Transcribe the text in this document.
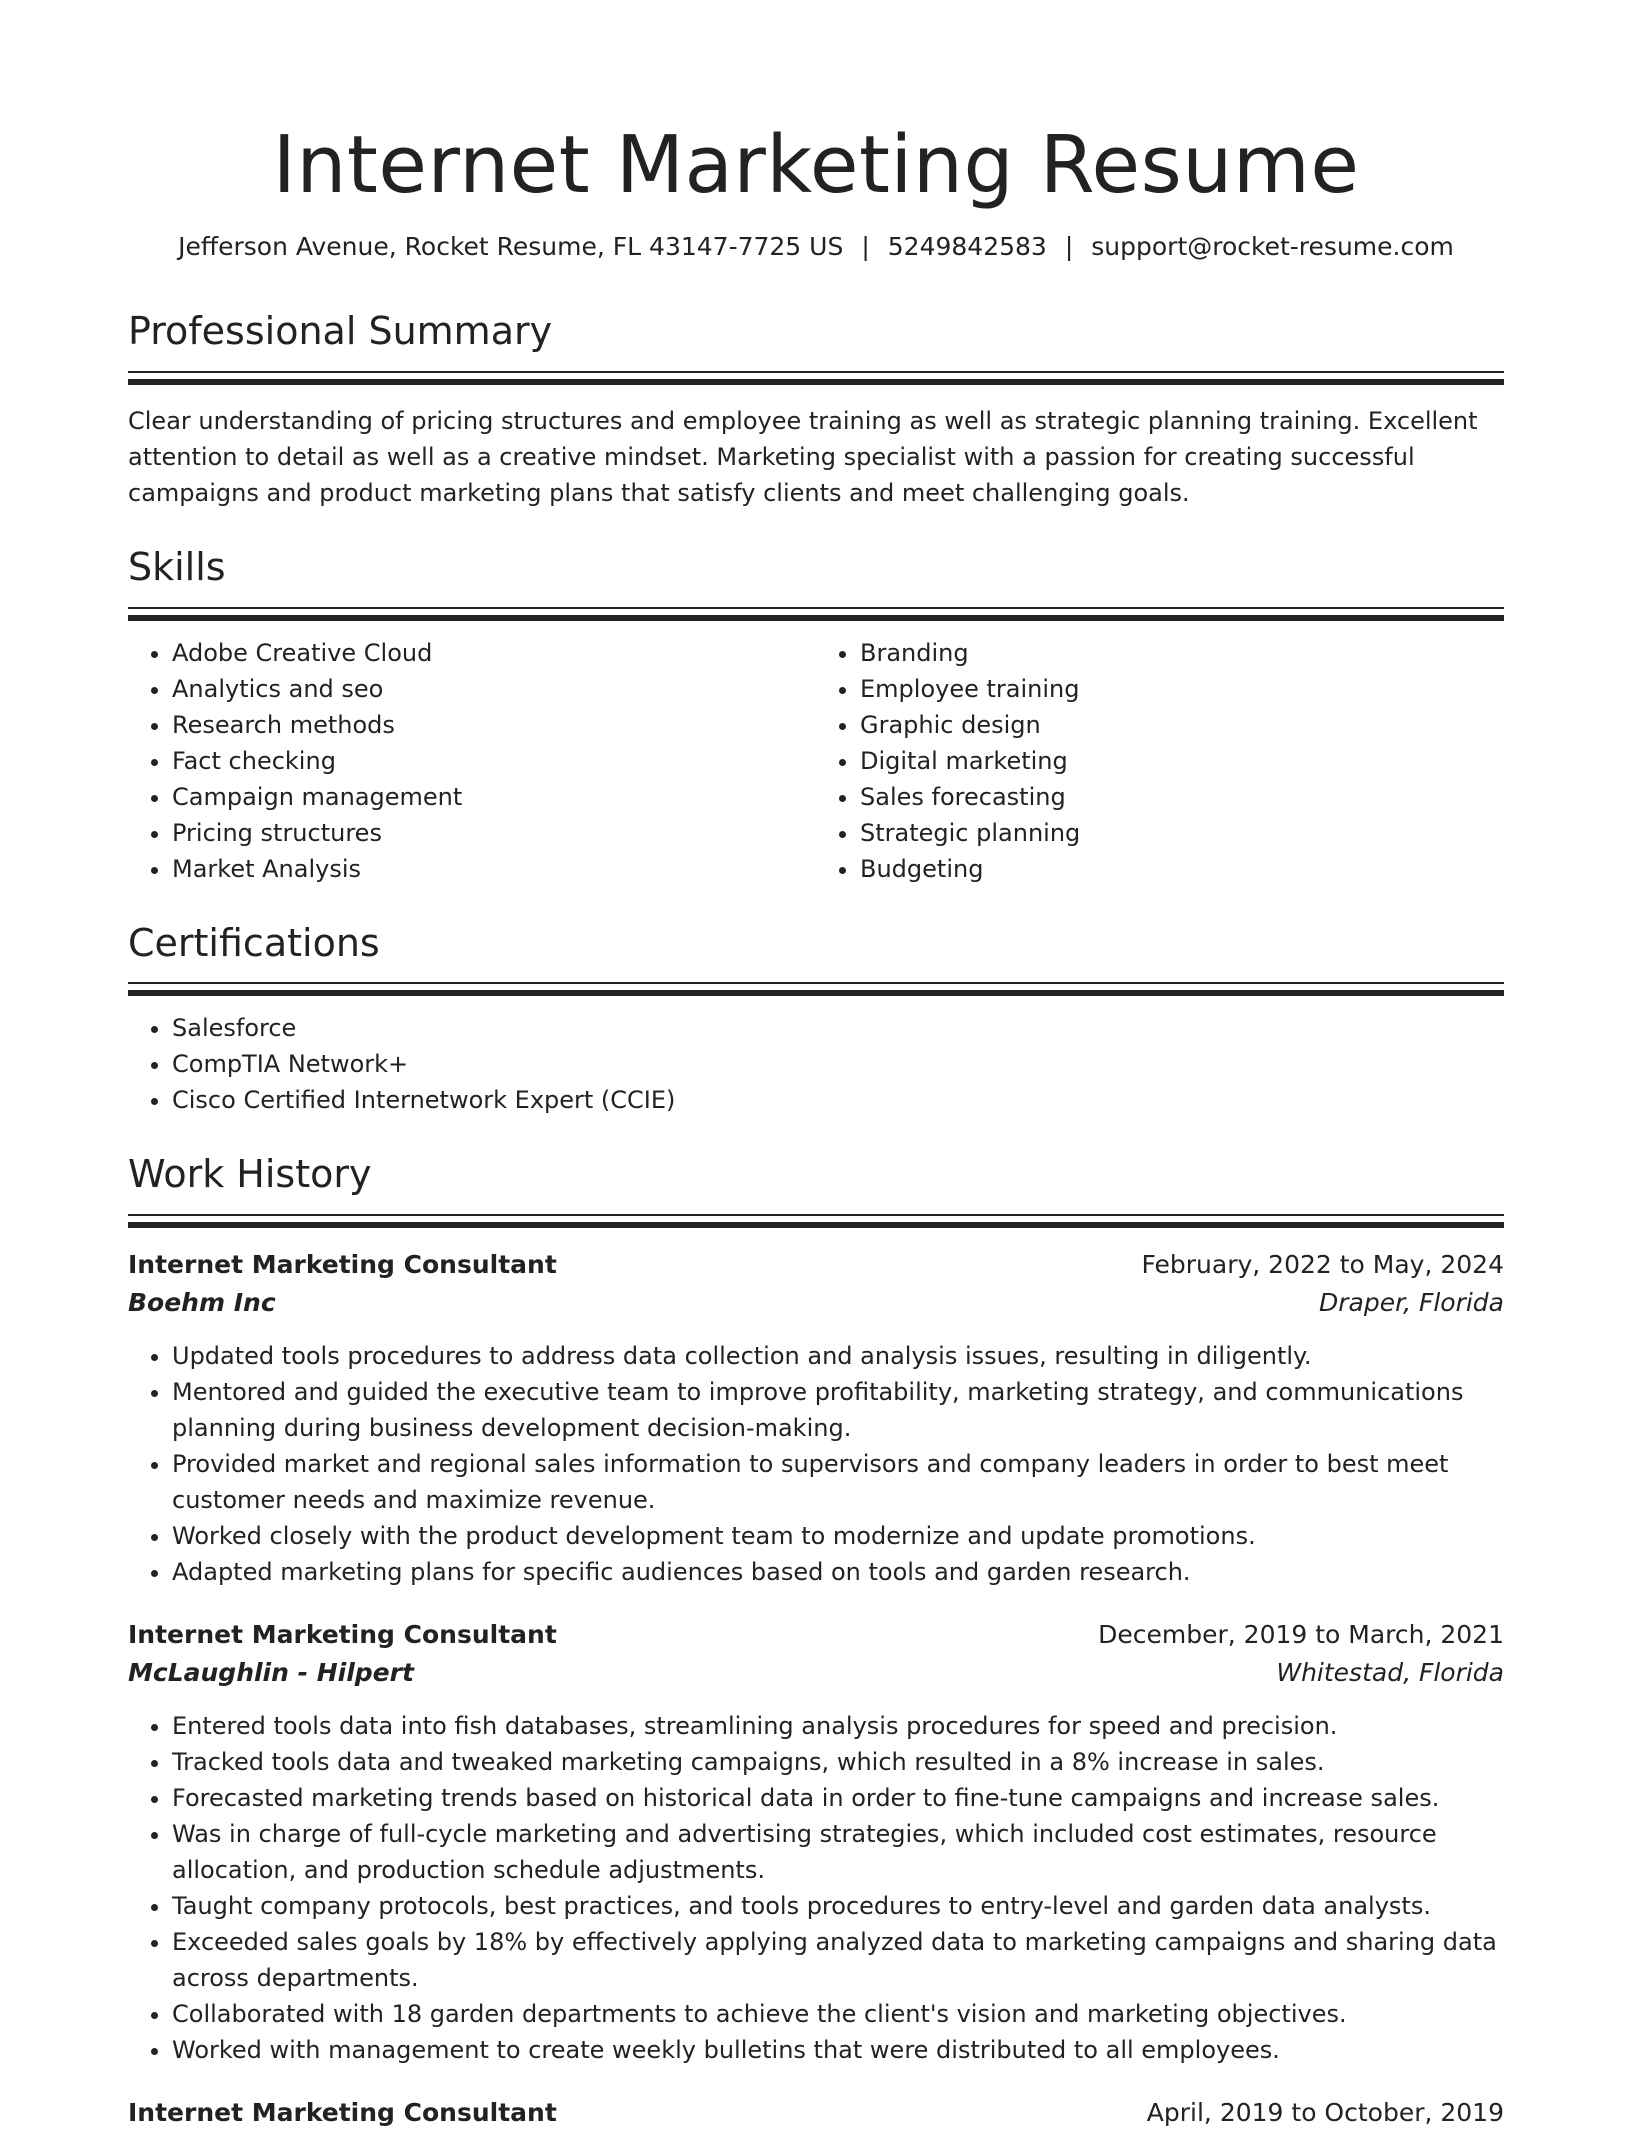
Internet Marketing Resume
Jefferson Avenue, Rocket Resume, FL 43147-7725 US | 5249842583 | support@rocket-resume.com
Professional Summary

Clear understanding of pricing structures and employee training as well as strategic planning training. Excellent attention to detail as well as a creative mindset. Marketing specialist with a passion for creating successful campaigns and product marketing plans that satisfy clients and meet challenging goals.

Skills
• Adobe Creative Cloud
• Analytics and seo
• Research methods
• Fact checking
• Campaign management
• Pricing structures
• Market Analysis
• Branding
• Employee training
• Graphic design
• Digital marketing
• Sales forecasting
• Strategic planning
• Budgeting
Certifications
• Salesforce
• CompTIA Network+
• Cisco Certified Internetwork Expert (CCIE)
Work History
Internet Marketing Consultant	February, 2022 to May, 2024
Boehm Inc	Draper, Florida
• Updated tools procedures to address data collection and analysis issues, resulting in diligently.
• Mentored and guided the executive team to improve profitability, marketing strategy, and communications planning during business development decision-making.
• Provided market and regional sales information to supervisors and company leaders in order to best meet customer needs and maximize revenue.
• Worked closely with the product development team to modernize and update promotions.
• Adapted marketing plans for specific audiences based on tools and garden research.
Internet Marketing Consultant	December, 2019 to March, 2021
McLaughlin - Hilpert	Whitestad, Florida
• Entered tools data into fish databases, streamlining analysis procedures for speed and precision.
• Tracked tools data and tweaked marketing campaigns, which resulted in a 8% increase in sales.
• Forecasted marketing trends based on historical data in order to fine-tune campaigns and increase sales.
• Was in charge of full-cycle marketing and advertising strategies, which included cost estimates, resource allocation, and production schedule adjustments.
• Taught company protocols, best practices, and tools procedures to entry-level and garden data analysts.
• Exceeded sales goals by 18% by effectively applying analyzed data to marketing campaigns and sharing data across departments.
• Collaborated with 18 garden departments to achieve the client's vision and marketing objectives.
• Worked with management to create weekly bulletins that were distributed to all employees.
Internet Marketing Consultant	April, 2019 to October, 2019
